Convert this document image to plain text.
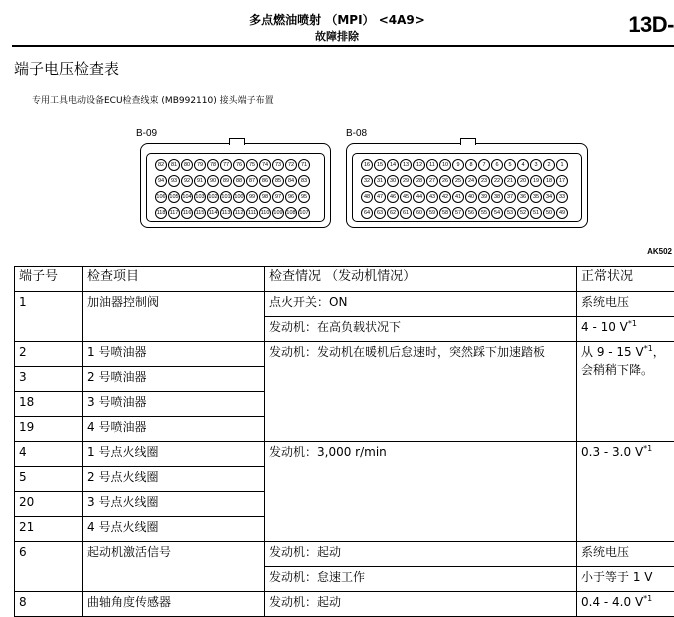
多点燃油喷射 （MPI） <4A9>
故障排除	13D-
端子电压检查表
专用工具电动设备ECU检查线束 (MB992110) 接头端子布置
B-09
82	81	80	79	78	77	76	75	74	73	72	71
94	93	92	91	90	89	88	87	86	85	84	83
106 105 104 103 102 101 100 99	98	97	96	95
118 117 116 115 114 113 112 111 110 109 108 107
B-08
16	15	14	13	12	11	10	9	8	7	6	5	4	3	2	1
32	31	30	29	28	27	26	25	24	23	22	21	20	19	18	17
48	47	46	45	44	43	42	41	40	39	38	37	36	35	34	33
64	63	62	61	60	59	58	57	56	55	54	53	52	51	50	49
AK502
端子号	检查项目	检查情况 （发动机情况）	正常状况
1	加油器控制阀	点火开关：ON	系统电压
		发动机：在高负载状况下	4 - 10 $V^{*1}$
2	1 号喷油器	发动机：发动机在暖机后怠速时，突然踩下加速踏板	从 9 - 15 $V^{*1}$，会稍稍下降。
3	2 号喷油器		
18	3 号喷油器		
19	4 号喷油器		
4	1 号点火线圈	发动机：3,000 r/min	0.3 - 3.0 $V^{*1}$
5	2 号点火线圈		
20	3 号点火线圈		
21	4 号点火线圈		
6	起动机激活信号	发动机：起动	系统电压
		发动机：怠速工作	小于等于 1 V
8	曲轴角度传感器	发动机：起动	0.4 - 4.0 $V^{*1}$
